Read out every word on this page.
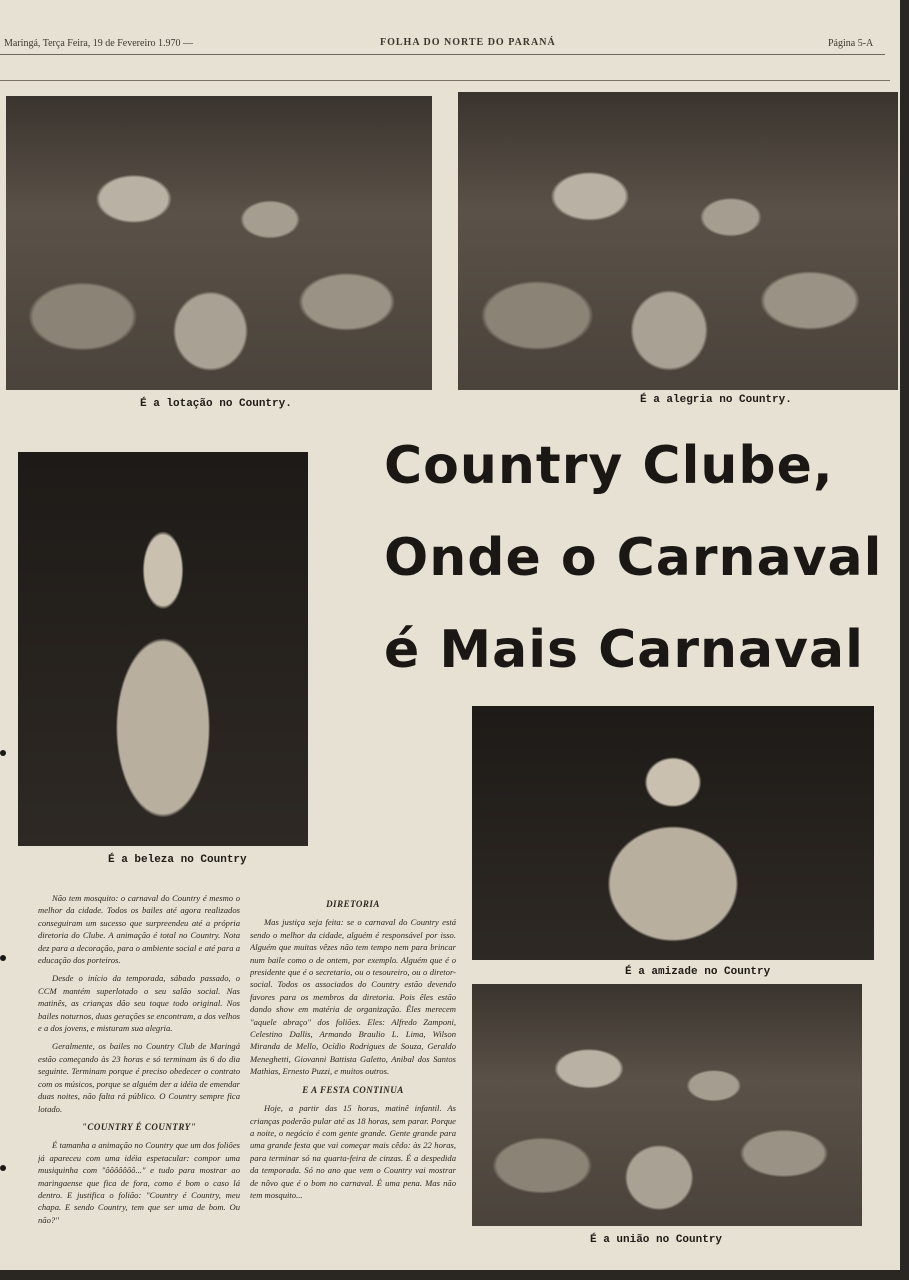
Maringá, Terça Feira, 19 de Fevereiro 1.970 —	FOLHA DO NORTE DO PARANÁ	Página 5-A
É a lotação no Country.	É a alegria no Country.
Country Clube,
Onde o Carnaval
é Mais Carnaval
É a beleza no Country
É a amizade no Country
É a união no Country

Não tem mosquito: o carnaval do Country é mesmo o melhor da cidade. Todos os bailes até agora realizados conseguiram um sucesso que surpreendeu até a própria diretoria do Clube. A animação é total no Country. Nota dez para a decoração, para o ambiente social e até para a educação dos porteiros.

Desde o início da temporada, sábado passado, o CCM mantém superlotado o seu salão social. Nas matinês, as crianças dão seu toque todo original. Nos bailes noturnos, duas gerações se encontram, a dos velhos e a dos jovens, e misturam sua alegria.

Geralmente, os bailes no Country Club de Maringá estão começando às 23 horas e só terminam às 6 do dia seguinte. Terminam porque é preciso obedecer o contrato com os músicos, porque se alguém der a idéia de emendar duas noites, não falta rá público. O Country sempre fica lotado.

"COUNTRY É COUNTRY"

É tamanha a animação no Country que um dos foliões já apareceu com uma idéia espetacular: compor uma musiquinha com "ôôôôôôô..." e tudo para mostrar ao maringaense que fica de fora, como é bom o caso lá dentro. E justifica o folião: "Country é Country, meu chapa. E sendo Country, tem que ser uma de bom. Ou não?"

DIRETORIA

Mas justiça seja feita: se o carnaval do Country está sendo o melhor da cidade, alguém é responsável por isso. Alguém que muitas vêzes não tem tempo nem para brincar num baile como o de ontem, por exemplo. Alguém que é o presidente que é o secretario, ou o tesoureiro, ou o diretor-social. Todos os associados do Country estão devendo favores para os membros da diretoria. Pois êles estão dando show em matéria de organização. Êles merecem "aquele abraço" dos foliões. Eles: Alfredo Zamponi, Celestino Dallis, Armando Braulio L. Lima, Wilson Miranda de Mello, Ocídio Rodrigues de Souza, Geraldo Meneghetti, Giovanni Battista Galetto, Anibal dos Santos Mathias, Ernesto Puzzi, e muitos outros.

E A FESTA CONTINUA

Hoje, a partir das 15 horas, matinê infantil. As crianças poderão pular até as 18 horas, sem parar. Porque a noite, o negócio é com gente grande. Gente grande para uma grande festa que vai começar mais cêdo: às 22 horas, para terminar só na quarta-feira de cinzas. É a despedida da temporada. Só no ano que vem o Country vai mostrar de nôvo que é o bom no carnaval. É uma pena. Mas não tem mosquito...
